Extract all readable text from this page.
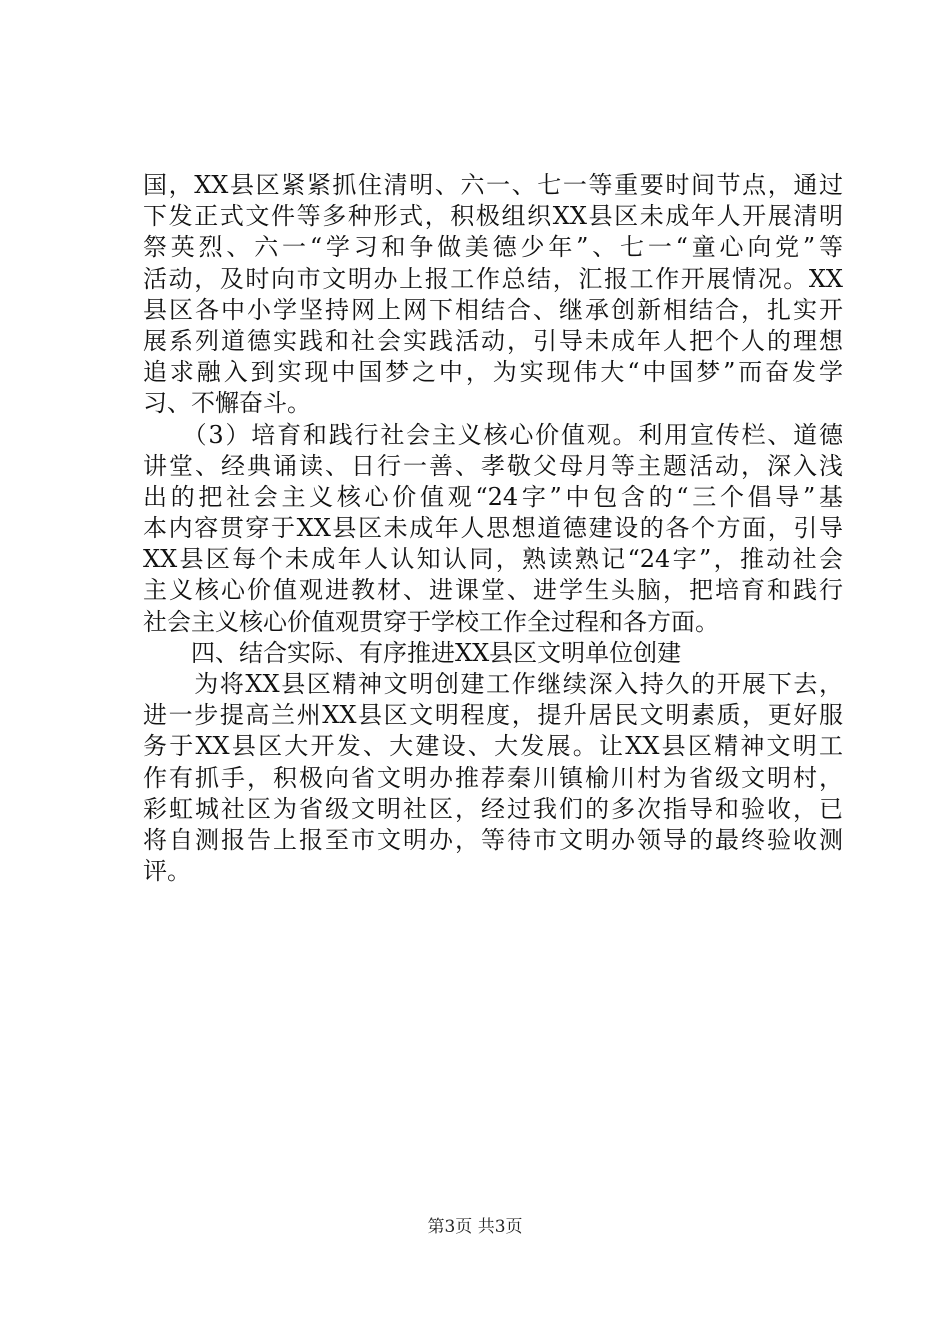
国，XX县区紧紧抓住清明、六一、七一等重要时间节点，通过
下发正式文件等多种形式，积极组织XX县区未成年人开展清明
祭英烈、六一“学习和争做美德少年”、七一“童心向党”等
活动，及时向市文明办上报工作总结，汇报工作开展情况。XX
县区各中小学坚持网上网下相结合、继承创新相结合，扎实开
展系列道德实践和社会实践活动，引导未成年人把个人的理想
追求融入到实现中国梦之中，为实现伟大“中国梦”而奋发学
习、不懈奋斗。
　　（3）培育和践行社会主义核心价值观。利用宣传栏、道德
讲堂、经典诵读、日行一善、孝敬父母月等主题活动，深入浅
出的把社会主义核心价值观“24字”中包含的“三个倡导”基
本内容贯穿于XX县区未成年人思想道德建设的各个方面，引导
XX县区每个未成年人认知认同，熟读熟记“24字”，推动社会
主义核心价值观进教材、进课堂、进学生头脑，把培育和践行
社会主义核心价值观贯穿于学校工作全过程和各方面。
　　四、结合实际、有序推进XX县区文明单位创建
　　为将XX县区精神文明创建工作继续深入持久的开展下去，
进一步提高兰州XX县区文明程度，提升居民文明素质，更好服
务于XX县区大开发、大建设、大发展。让XX县区精神文明工
作有抓手，积极向省文明办推荐秦川镇榆川村为省级文明村，
彩虹城社区为省级文明社区，经过我们的多次指导和验收，已
将自测报告上报至市文明办，等待市文明办领导的最终验收测
评。
第3页 共3页
